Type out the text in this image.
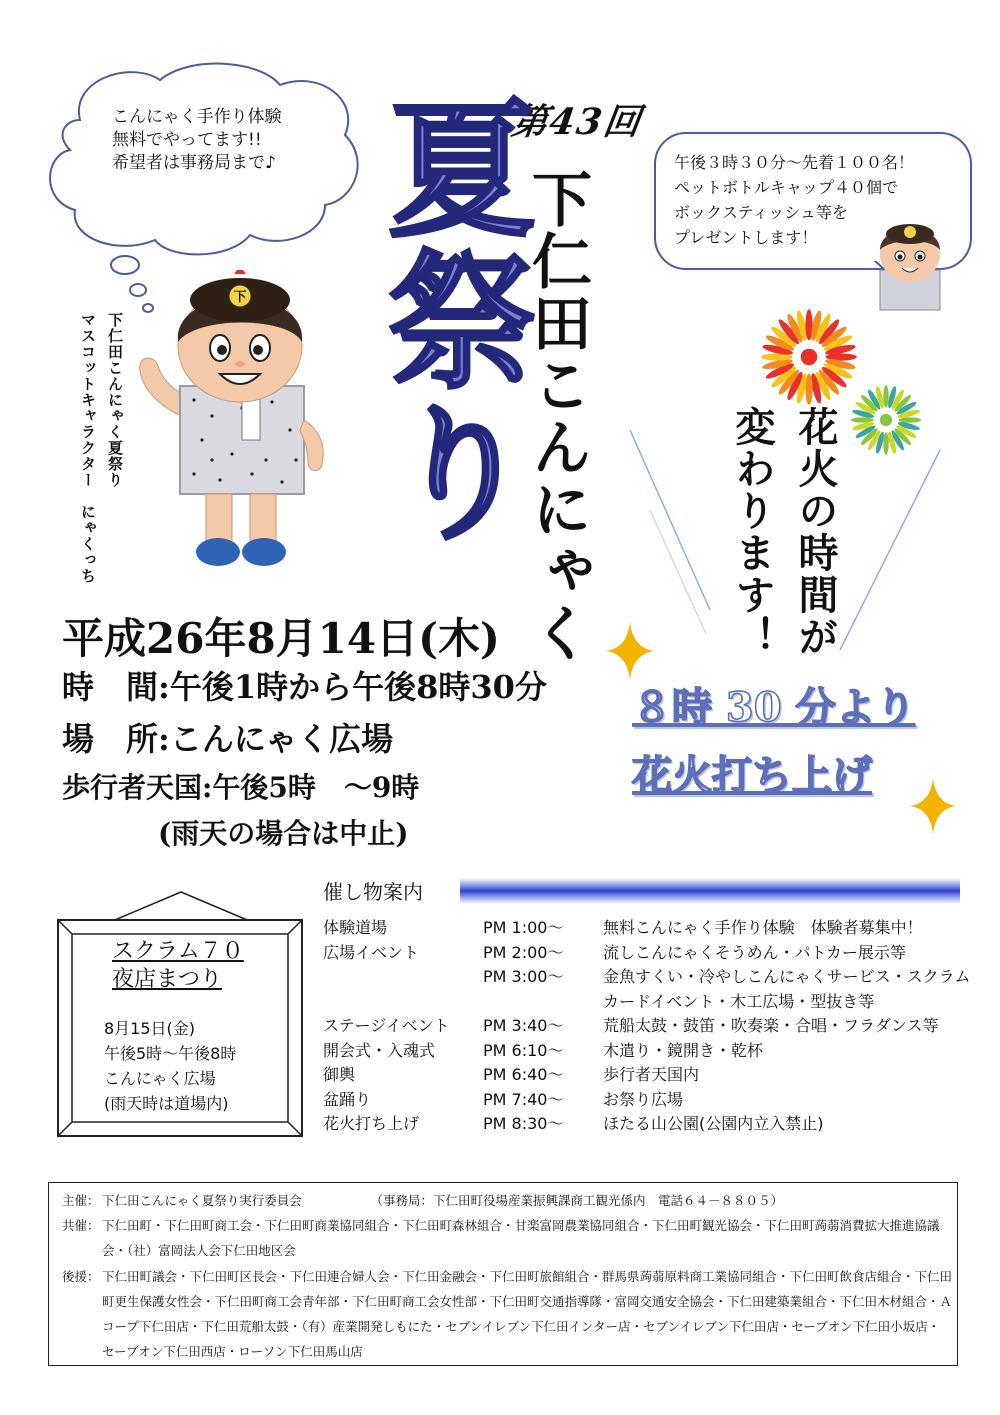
こんにゃく手作り体験
無料でやってます!!
希望者は事務局まで♪	午後３時３０分～先着１００名！
ペットボトルキャップ４０個で
ボックスティッシュ等を
プレゼントします！
下
下仁田こんにゃく夏祭り
マスコットキャラクター　にゃくっち
第43回
夏祭り
下仁田こんにゃく	花火の時間が
変わります！
平成26年8月14日(木)
時　間:午後1時から午後8時30分
場　所:こんにゃく広場
歩行者天国:午後5時　～9時
(雨天の場合は中止)
８時 30 分より
花火打ち上げ
催し物案内
体験道場	PM 1:00～	無料こんにゃく手作り体験　体験者募集中！
広場イベント	PM 2:00～	流しこんにゃくそうめん・パトカー展示等
PM 3:00～	金魚すくい・冷やしこんにゃくサービス・スクラム
カードイベント・木工広場・型抜き等
ステージイベント	PM 3:40～	荒船太鼓・鼓笛・吹奏楽・合唱・フラダンス等
開会式・入魂式	PM 6:10～	木遣り・鏡開き・乾杯
御輿	PM 6:40～	歩行者天国内
盆踊り	PM 7:40～	お祭り広場
花火打ち上げ	PM 8:30～	ほたる山公園(公園内立入禁止)
スクラム７０
夜店まつり
8月15日(金)
午後5時～午後8時
こんにゃく広場
(雨天時は道場内)
主催： 下仁田こんにゃく夏祭り実行委員会　　　　　　（事務局：下仁田町役場産業振興課商工観光係内　電話６４－８８０５）
共催： 下仁田町・下仁田町商工会・下仁田町商業協同組合・下仁田町森林組合・甘楽富岡農業協同組合・下仁田町観光協会・下仁田町蒟蒻消費拡大推進協議会・（社）富岡法人会下仁田地区会
後援： 下仁田町議会・下仁田町区長会・下仁田連合婦人会・下仁田金融会・下仁田町旅館組合・群馬県蒟蒻原料商工業協同組合・下仁田町飲食店組合・下仁田町更生保護女性会・下仁田町商工会青年部・下仁田町商工会女性部・下仁田町交通指導隊・富岡交通安全協会・下仁田建築業組合・下仁田木材組合・Ａ コープ下仁田店・下仁田荒船太鼓・（有）産業開発しもにた・セブンイレブン下仁田インター店・セブンイレブン下仁田店・セーブオン下仁田小坂店・セーブオン下仁田西店・ローソン下仁田馬山店
